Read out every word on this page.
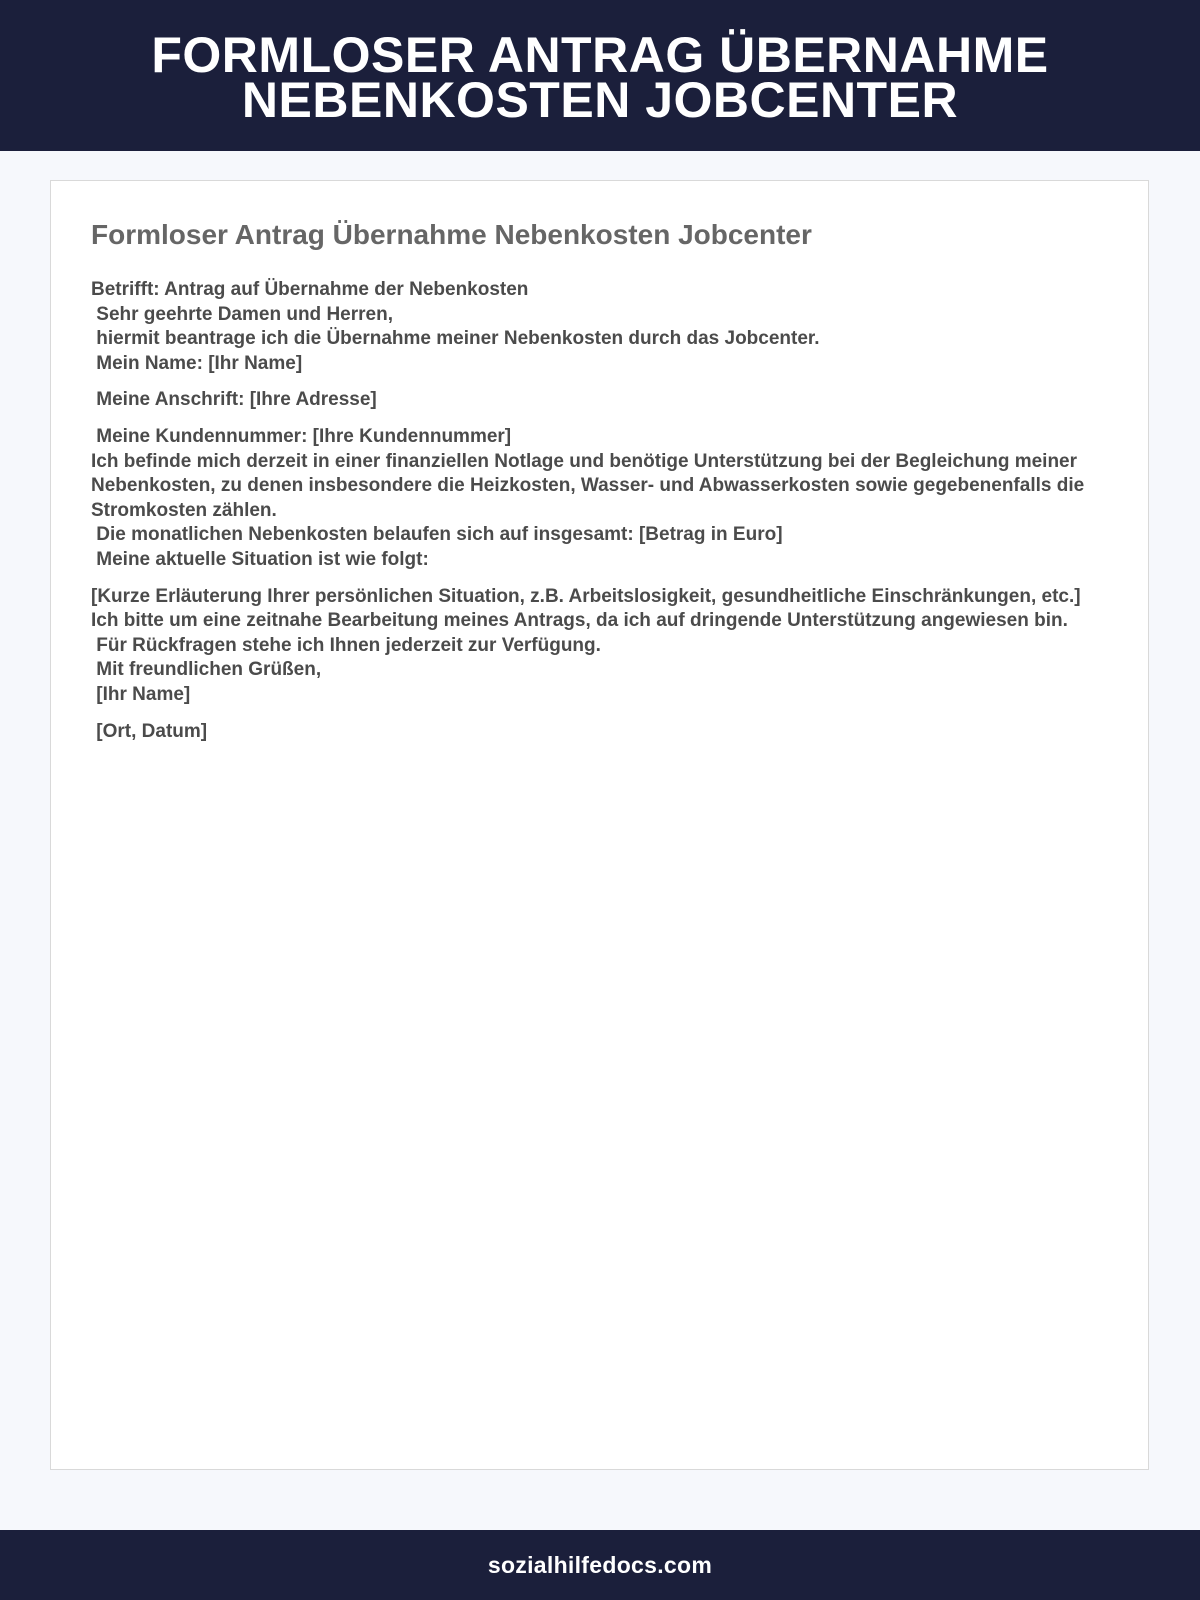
FORMLOSER ANTRAG ÜBERNAHME
NEBENKOSTEN JOBCENTER
Formloser Antrag Übernahme Nebenkosten Jobcenter
Betrifft: Antrag auf Übernahme der Nebenkosten
Sehr geehrte Damen und Herren,
hiermit beantrage ich die Übernahme meiner Nebenkosten durch das Jobcenter.
Mein Name: [Ihr Name]
Meine Anschrift: [Ihre Adresse]
Meine Kundennummer: [Ihre Kundennummer]
Ich befinde mich derzeit in einer finanziellen Notlage und benötige Unterstützung bei der Begleichung meiner Nebenkosten, zu denen insbesondere die Heizkosten, Wasser- und Abwasserkosten sowie gegebenenfalls die Stromkosten zählen.
Die monatlichen Nebenkosten belaufen sich auf insgesamt: [Betrag in Euro]
Meine aktuelle Situation ist wie folgt:
[Kurze Erläuterung Ihrer persönlichen Situation, z.B. Arbeitslosigkeit, gesundheitliche Einschränkungen, etc.]
Ich bitte um eine zeitnahe Bearbeitung meines Antrags, da ich auf dringende Unterstützung angewiesen bin.
Für Rückfragen stehe ich Ihnen jederzeit zur Verfügung.
Mit freundlichen Grüßen,
[Ihr Name]
[Ort, Datum]
sozialhilfedocs.com
